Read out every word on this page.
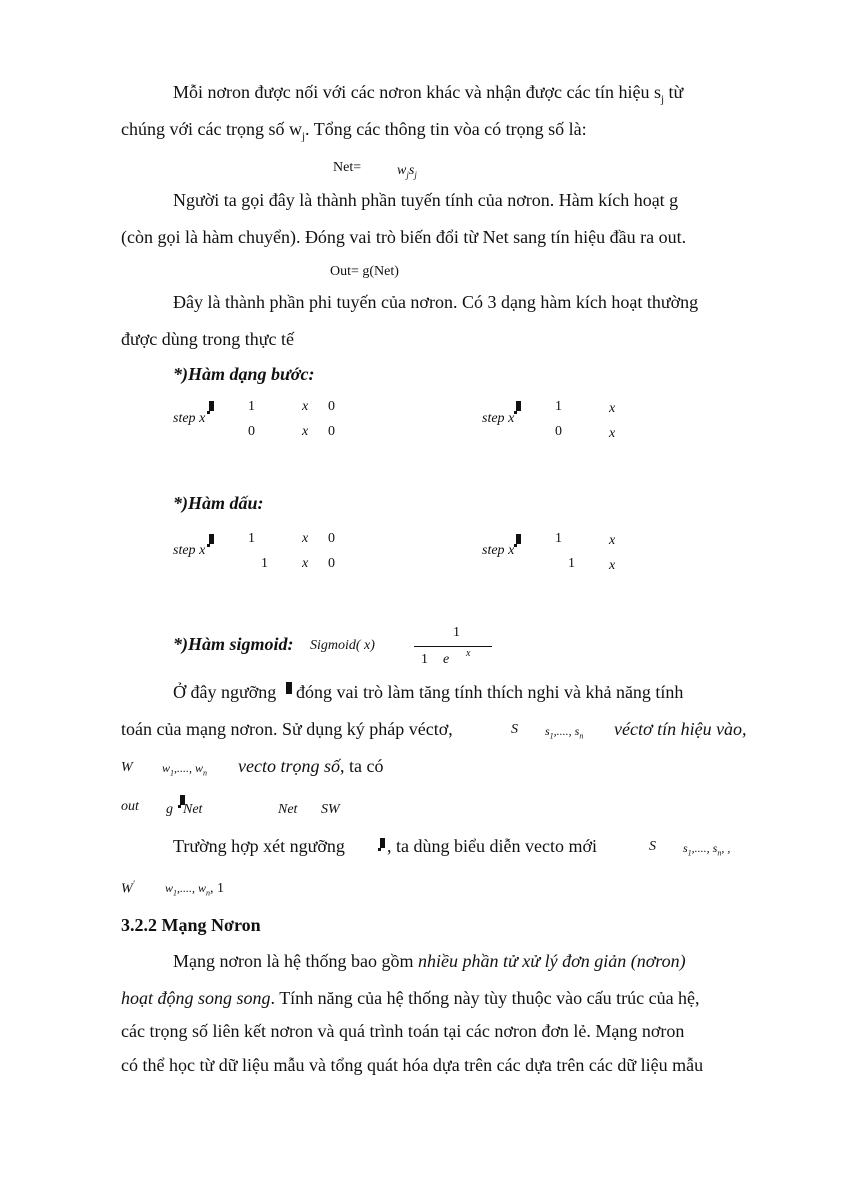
Mỗi nơron được nối với các nơron khác và nhận được các tín hiệu $s_j$ từ
chúng với các trọng số $w_j$. Tổng các thông tin vòa có trọng số là:
Net=	$w_js_j$
Người ta gọi đây là thành phần tuyến tính của nơron. Hàm kích hoạt g
(còn gọi là hàm chuyển). Đóng vai trò biến đổi từ Net sang tín hiệu đầu ra out.
Out= g(Net)
Đây là thành phần phi tuyến của nơron. Có 3 dạng hàm kích hoạt thường
được dùng trong thực tế
*)Hàm dạng bước:
step x
1	x 0
0	x 0
step x
1	x
0	x
*)Hàm dấu:
step x
1	x 0
1 x 0
step x
1	x
1 x
*)Hàm sigmoid: Sigmoid( x)
1
1 e x
Ở đây ngưỡng đóng vai trò làm tăng tính thích nghi và khả năng tính
toán của mạng nơron. Sử dụng ký pháp véctơ,	S $s_1$,...., $s_n$ véctơ tín hiệu vào,
W $w_1$,...., $w_n$ vecto trọng số, ta có
out g Net	Net SW
Trường hợp xét ngưỡng , ta dùng biểu diễn vecto mới	S $s_1$,...., $s_n$, ,
W'	$w_1$,...., $w_n$, 1
3.2.2 Mạng Nơron
Mạng nơron là hệ thống bao gồm nhiều phần tử xử lý đơn giản (nơron)
hoạt động song song. Tính năng của hệ thống này tùy thuộc vào cấu trúc của hệ,
các trọng số liên kết nơron và quá trình toán tại các nơron đơn lẻ. Mạng nơron
có thể học từ dữ liệu mẫu và tổng quát hóa dựa trên các dựa trên các dữ liệu mẫu
